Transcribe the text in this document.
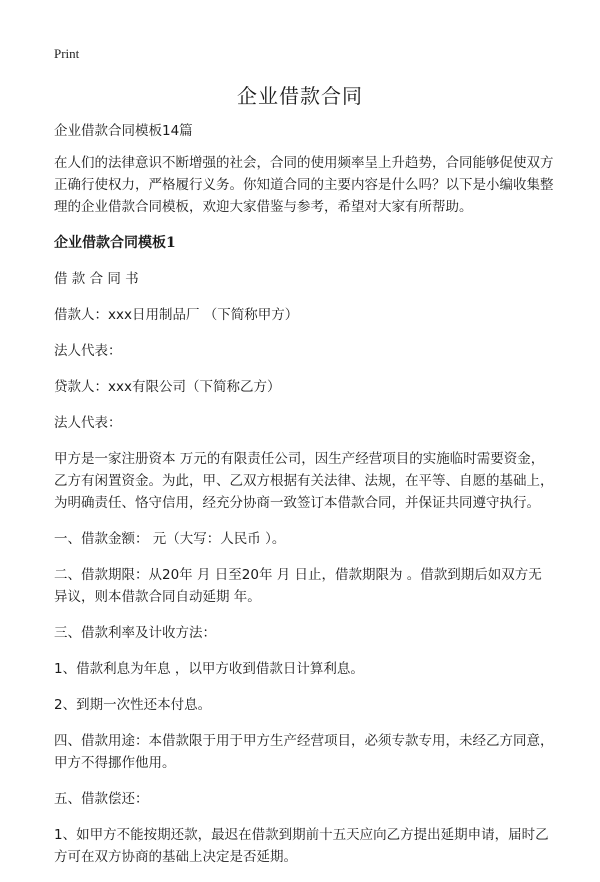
Print
企业借款合同

企业借款合同模板14篇

在人们的法律意识不断增强的社会，合同的使用频率呈上升趋势，合同能够促使双方正确行使权力，严格履行义务。你知道合同的主要内容是什么吗？以下是小编收集整理的企业借款合同模板，欢迎大家借鉴与参考，希望对大家有所帮助。

企业借款合同模板1

借 款 合 同 书

借款人：xxx日用制品厂 （下简称甲方）

法人代表：

贷款人：xxx有限公司（下简称乙方）

法人代表：

甲方是一家注册资本 万元的有限责任公司，因生产经营项目的实施临时需要资金，乙方有闲置资金。为此，甲、乙双方根据有关法律、法规，在平等、自愿的基础上，为明确责任、恪守信用，经充分协商一致签订本借款合同，并保证共同遵守执行。

一、借款金额： 元（大写：人民币 ）。

二、借款期限：从20年 月 日至20年 月 日止，借款期限为 。借款到期后如双方无异议，则本借款合同自动延期 年。

三、借款利率及计收方法：

1、借款利息为年息 ，以甲方收到借款日计算利息。

2、到期一次性还本付息。

四、借款用途：本借款限于用于甲方生产经营项目，必须专款专用，未经乙方同意，甲方不得挪作他用。

五、借款偿还：

1、如甲方不能按期还款，最迟在借款到期前十五天应向乙方提出延期申请，届时乙方可在双方协商的基础上决定是否延期。
